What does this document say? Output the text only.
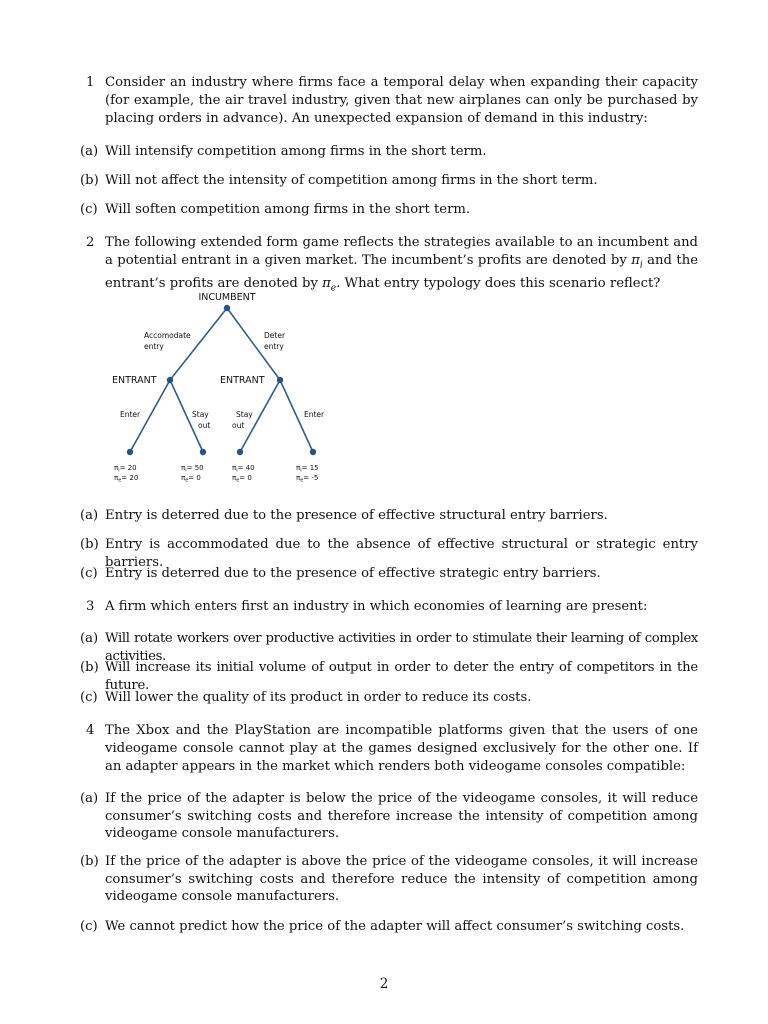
1 Consider an industry where firms face a temporal delay when expanding their capacity (for example, the air travel industry, given that new airplanes can only be purchased by placing orders in advance). An unexpected expansion of demand in this industry:
(a) Will intensify competition among firms in the short term.
(b) Will not affect the intensity of competition among firms in the short term.
(c) Will soften competition among firms in the short term.
2 The following extended form game reflects the strategies available to an incumbent and a potential entrant in a given market. The incumbent’s profits are denoted by $\pi_i$ and the entrant’s profits are denoted by $\pi_e$. What entry typology does this scenario reflect?
INCUMBENT
ENTRANT	ENTRANT
Accomodate
entry
Deter
entry
Enter	Stay
out
Stay
out
Enter
$\pi_i= 20$
$\pi_e= 20$
$\pi_i= 50$
$\pi_e= 0$
$\pi_i= 40$
$\pi_e= 0$
$\pi_i= 15$
$\pi_e= -5$
(a) Entry is deterred due to the presence of effective structural entry barriers.
(b) Entry is accommodated due to the absence of effective structural or strategic entry barriers.
(c) Entry is deterred due to the presence of effective strategic entry barriers.
3 A firm which enters first an industry in which economies of learning are present:
(a) Will rotate workers over productive activities in order to stimulate their learning of complex activities.
(b) Will increase its initial volume of output in order to deter the entry of competitors in the future.
(c) Will lower the quality of its product in order to reduce its costs.
4 The Xbox and the PlayStation are incompatible platforms given that the users of one videogame console cannot play at the games designed exclusively for the other one. If an adapter appears in the market which renders both videogame consoles compatible:
(a) If the price of the adapter is below the price of the videogame consoles, it will reduce consumer’s switching costs and therefore increase the intensity of competition among videogame console manufacturers.
(b) If the price of the adapter is above the price of the videogame consoles, it will increase consumer’s switching costs and therefore reduce the intensity of competition among videogame console manufacturers.
(c) We cannot predict how the price of the adapter will affect consumer’s switching costs.
2
